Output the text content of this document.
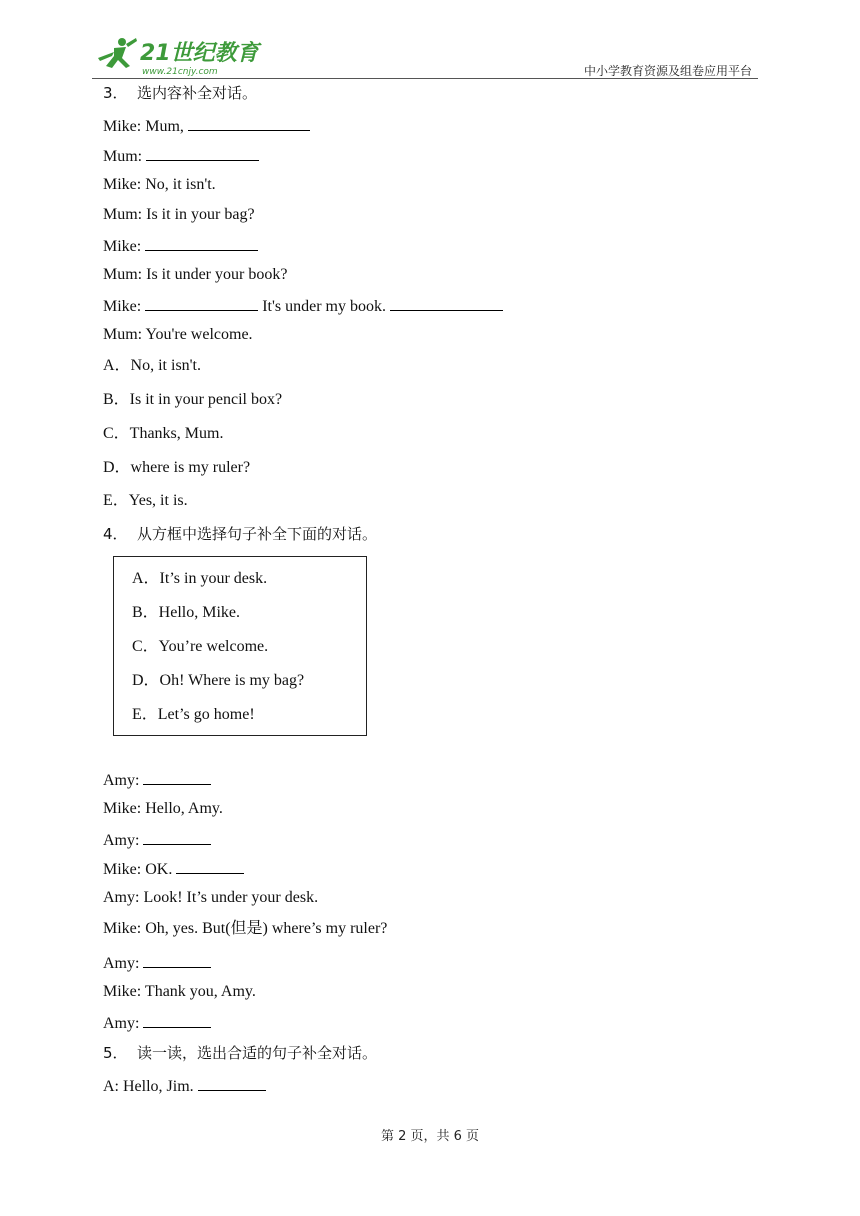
21世纪教育
www.21cnjy.com	中小学教育资源及组卷应用平台
3． 选内容补全对话。
Mike: Mum,
Mum:
Mike: No, it isn't.
Mum: Is it in your bag?
Mike:
Mum: Is it under your book?
Mike:	It's under my book.
Mum: You're welcome.
A．No, it isn't.
B．Is it in your pencil box?
C．Thanks, Mum.
D．where is my ruler?
E．Yes, it is.
4． 从方框中选择句子补全下面的对话。
A．It’s in your desk.
B．Hello, Mike.
C．You’re welcome.
D．Oh! Where is my bag?
E．Let’s go home!
Amy:
Mike: Hello, Amy.
Amy:
Mike: OK.
Amy: Look! It’s under your desk.
Mike: Oh, yes. But(但是) where’s my ruler?
Amy:
Mike: Thank you, Amy.
Amy:
5． 读一读，选出合适的句子补全对话。
A: Hello, Jim.
第 2 页，共 6 页
